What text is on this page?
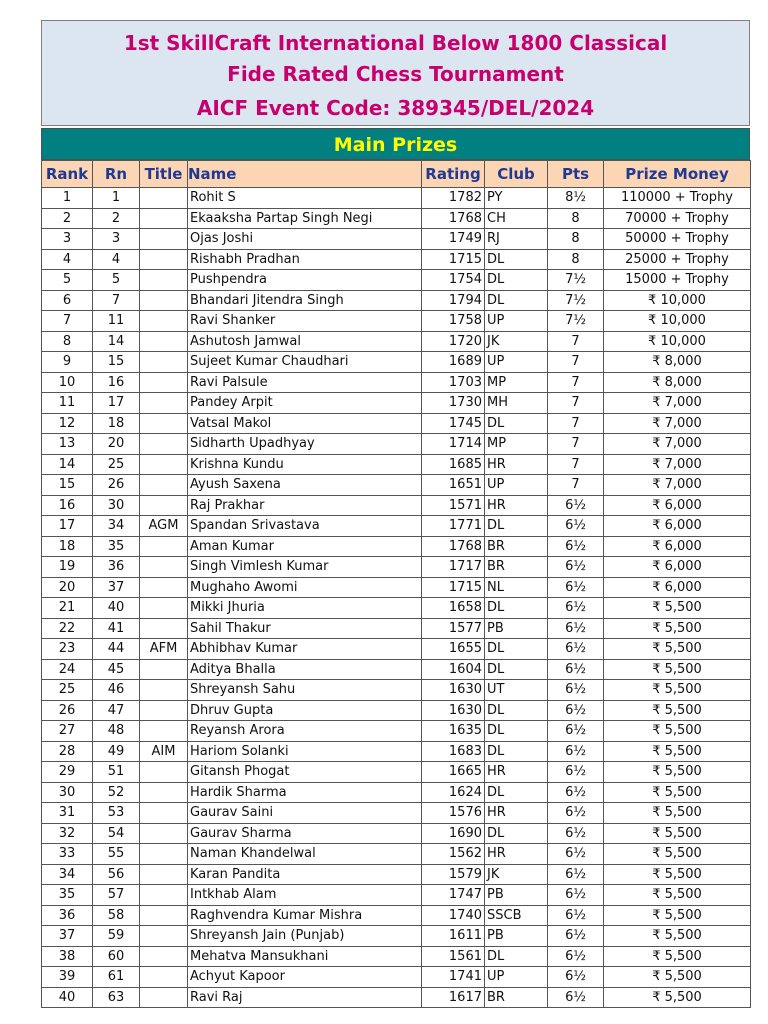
1st SkillCraft International Below 1800 Classical
Fide Rated Chess Tournament
AICF Event Code: 389345/DEL/2024
Main Prizes
Rank	Rn	Title	Name	Rating	Club	Pts	Prize Money
1	1		Rohit S	1782	PY	8½	110000 + Trophy
2	2		Ekaaksha Partap Singh Negi	1768	CH	8	70000 + Trophy
3	3		Ojas Joshi	1749	RJ	8	50000 + Trophy
4	4		Rishabh Pradhan	1715	DL	8	25000 + Trophy
5	5		Pushpendra	1754	DL	7½	15000 + Trophy
6	7		Bhandari Jitendra Singh	1794	DL	7½	₹ 10,000
7	11		Ravi Shanker	1758	UP	7½	₹ 10,000
8	14		Ashutosh Jamwal	1720	JK	7	₹ 10,000
9	15		Sujeet Kumar Chaudhari	1689	UP	7	₹ 8,000
10	16		Ravi Palsule	1703	MP	7	₹ 8,000
11	17		Pandey Arpit	1730	MH	7	₹ 7,000
12	18		Vatsal Makol	1745	DL	7	₹ 7,000
13	20		Sidharth Upadhyay	1714	MP	7	₹ 7,000
14	25		Krishna Kundu	1685	HR	7	₹ 7,000
15	26		Ayush Saxena	1651	UP	7	₹ 7,000
16	30		Raj Prakhar	1571	HR	6½	₹ 6,000
17	34	AGM	Spandan Srivastava	1771	DL	6½	₹ 6,000
18	35		Aman Kumar	1768	BR	6½	₹ 6,000
19	36		Singh Vimlesh Kumar	1717	BR	6½	₹ 6,000
20	37		Mughaho Awomi	1715	NL	6½	₹ 6,000
21	40		Mikki Jhuria	1658	DL	6½	₹ 5,500
22	41		Sahil Thakur	1577	PB	6½	₹ 5,500
23	44	AFM	Abhibhav Kumar	1655	DL	6½	₹ 5,500
24	45		Aditya Bhalla	1604	DL	6½	₹ 5,500
25	46		Shreyansh Sahu	1630	UT	6½	₹ 5,500
26	47		Dhruv Gupta	1630	DL	6½	₹ 5,500
27	48		Reyansh Arora	1635	DL	6½	₹ 5,500
28	49	AIM	Hariom Solanki	1683	DL	6½	₹ 5,500
29	51		Gitansh Phogat	1665	HR	6½	₹ 5,500
30	52		Hardik Sharma	1624	DL	6½	₹ 5,500
31	53		Gaurav Saini	1576	HR	6½	₹ 5,500
32	54		Gaurav Sharma	1690	DL	6½	₹ 5,500
33	55		Naman Khandelwal	1562	HR	6½	₹ 5,500
34	56		Karan Pandita	1579	JK	6½	₹ 5,500
35	57		Intkhab Alam	1747	PB	6½	₹ 5,500
36	58		Raghvendra Kumar Mishra	1740	SSCB	6½	₹ 5,500
37	59		Shreyansh Jain (Punjab)	1611	PB	6½	₹ 5,500
38	60		Mehatva Mansukhani	1561	DL	6½	₹ 5,500
39	61		Achyut Kapoor	1741	UP	6½	₹ 5,500
40	63		Ravi Raj	1617	BR	6½	₹ 5,500
